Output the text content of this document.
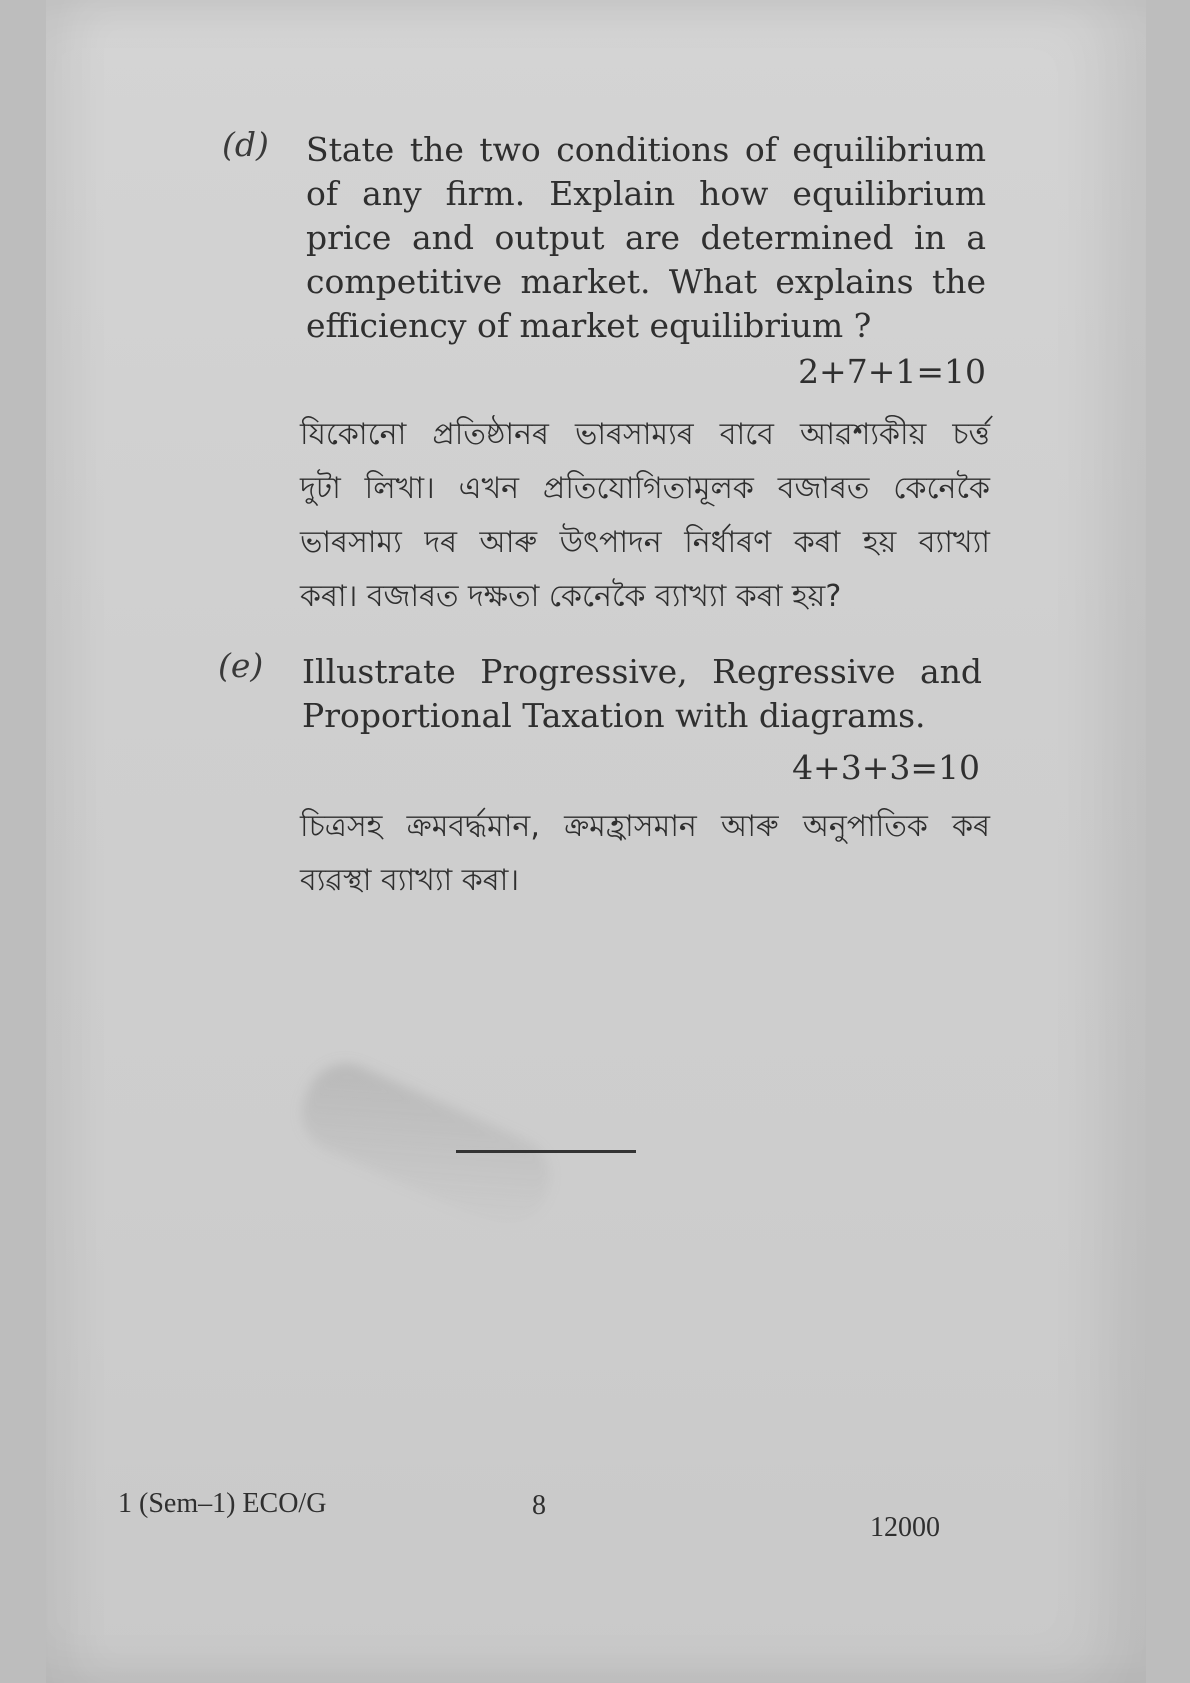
(d) State the two conditions of equilibrium
of any firm. Explain how equilibrium
price and output are determined in a
competitive market. What explains the
efficiency of market equilibrium ?
2+7+1=10
যিকোনো প্রতিষ্ঠানৰ ভাৰসাম্যৰ বাবে আৱশ্যকীয় চৰ্ত্ত
দুটা লিখা। এখন প্ৰতিযোগিতামূলক বজাৰত কেনেকৈ
ভাৰসাম্য দৰ আৰু উৎপাদন নিৰ্ধাৰণ কৰা হয় ব্যাখ্যা
কৰা। বজাৰত দক্ষতা কেনেকৈ ব্যাখ্যা কৰা হয়?
(e) Illustrate Progressive, Regressive and
Proportional Taxation with diagrams.
4+3+3=10
চিত্ৰসহ ক্ৰমবৰ্দ্ধমান, ক্ৰমহ্ৰাসমান আৰু অনুপাতিক কৰ
ব্যৱস্থা ব্যাখ্যা কৰা।
1 (Sem–1) ECO/G	8
12000
